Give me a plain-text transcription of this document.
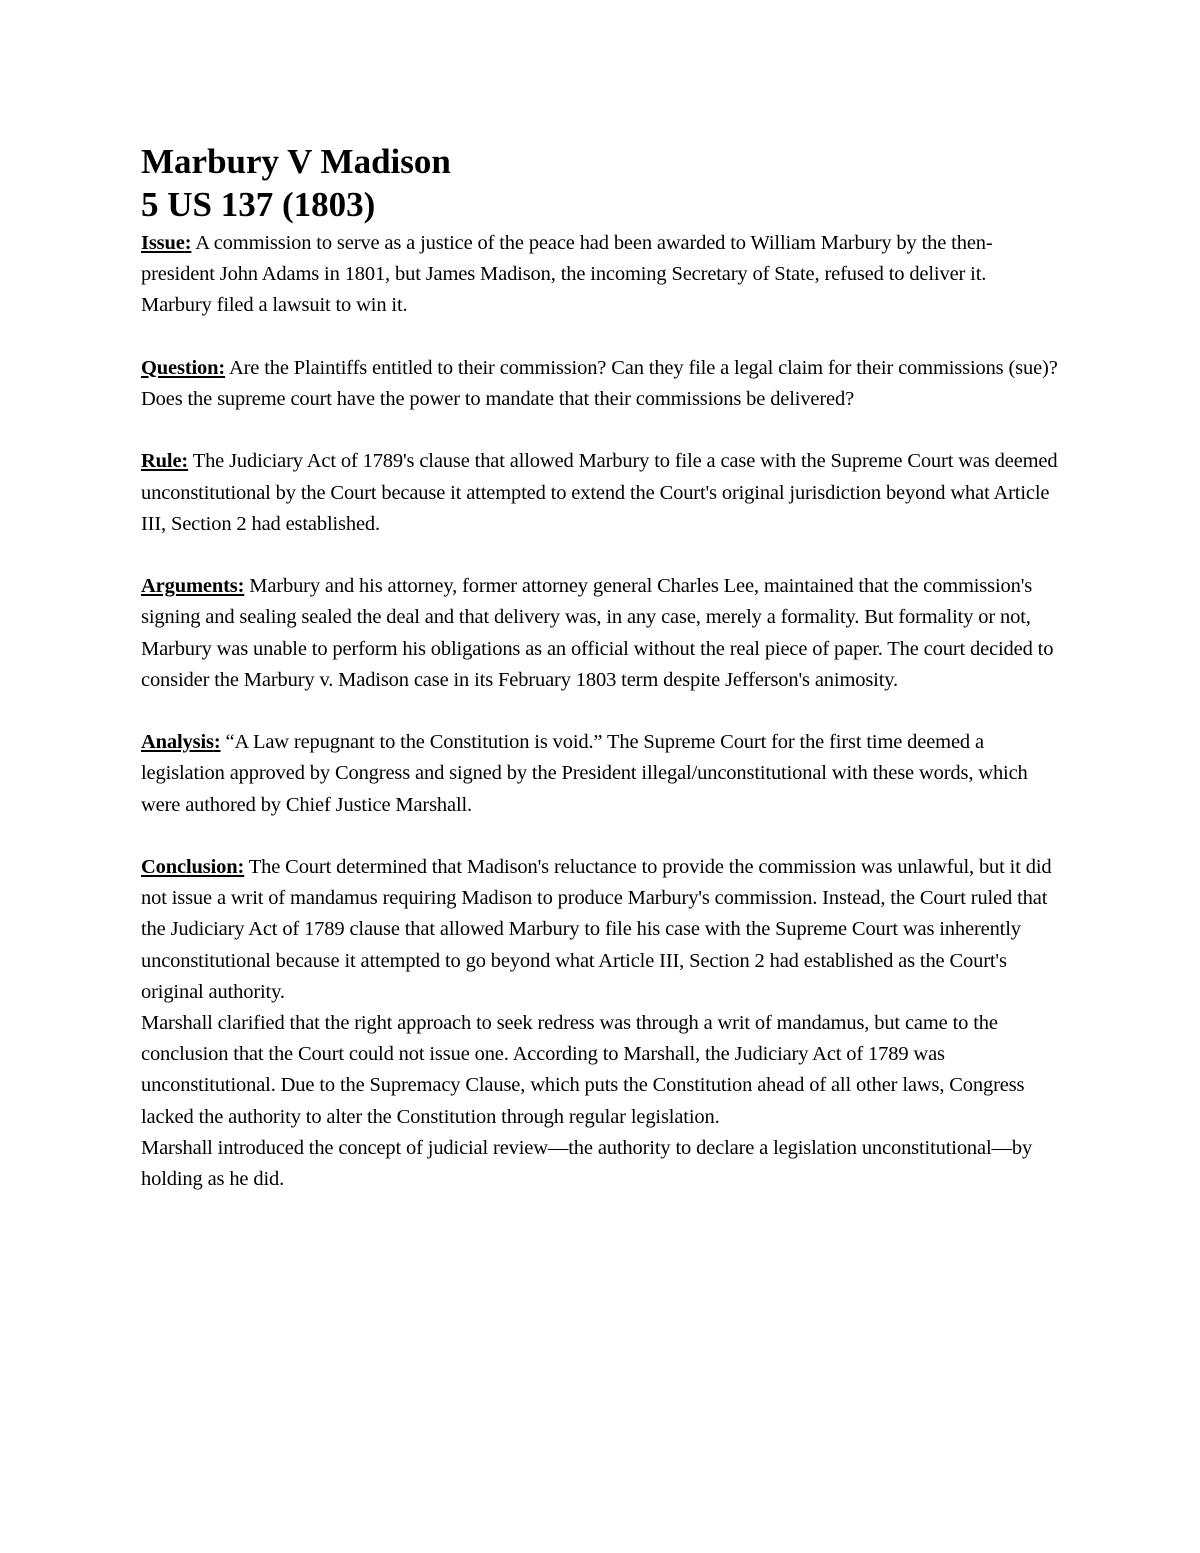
Marbury V Madison
5 US 137 (1803)

Issue: A commission to serve as a justice of the peace had been awarded to William Marbury by the then-president John Adams in 1801, but James Madison, the incoming Secretary of State, refused to deliver it. Marbury filed a lawsuit to win it.

Question: Are the Plaintiffs entitled to their commission? Can they file a legal claim for their commissions (sue)? Does the supreme court have the power to mandate that their commissions be delivered?

Rule: The Judiciary Act of 1789's clause that allowed Marbury to file a case with the Supreme Court was deemed unconstitutional by the Court because it attempted to extend the Court's original jurisdiction beyond what Article III, Section 2 had established.

Arguments: Marbury and his attorney, former attorney general Charles Lee, maintained that the commission's signing and sealing sealed the deal and that delivery was, in any case, merely a formality. But formality or not, Marbury was unable to perform his obligations as an official without the real piece of paper. The court decided to consider the Marbury v. Madison case in its February 1803 term despite Jefferson's animosity.

Analysis: “A Law repugnant to the Constitution is void.” The Supreme Court for the first time deemed a legislation approved by Congress and signed by the President illegal/unconstitutional with these words, which were authored by Chief Justice Marshall.

Conclusion: The Court determined that Madison's reluctance to provide the commission was unlawful, but it did not issue a writ of mandamus requiring Madison to produce Marbury's commission. Instead, the Court ruled that the Judiciary Act of 1789 clause that allowed Marbury to file his case with the Supreme Court was inherently unconstitutional because it attempted to go beyond what Article III, Section 2 had established as the Court's original authority.

Marshall clarified that the right approach to seek redress was through a writ of mandamus, but came to the conclusion that the Court could not issue one. According to Marshall, the Judiciary Act of 1789 was unconstitutional. Due to the Supremacy Clause, which puts the Constitution ahead of all other laws, Congress lacked the authority to alter the Constitution through regular legislation.

Marshall introduced the concept of judicial review—the authority to declare a legislation unconstitutional—by holding as he did.
